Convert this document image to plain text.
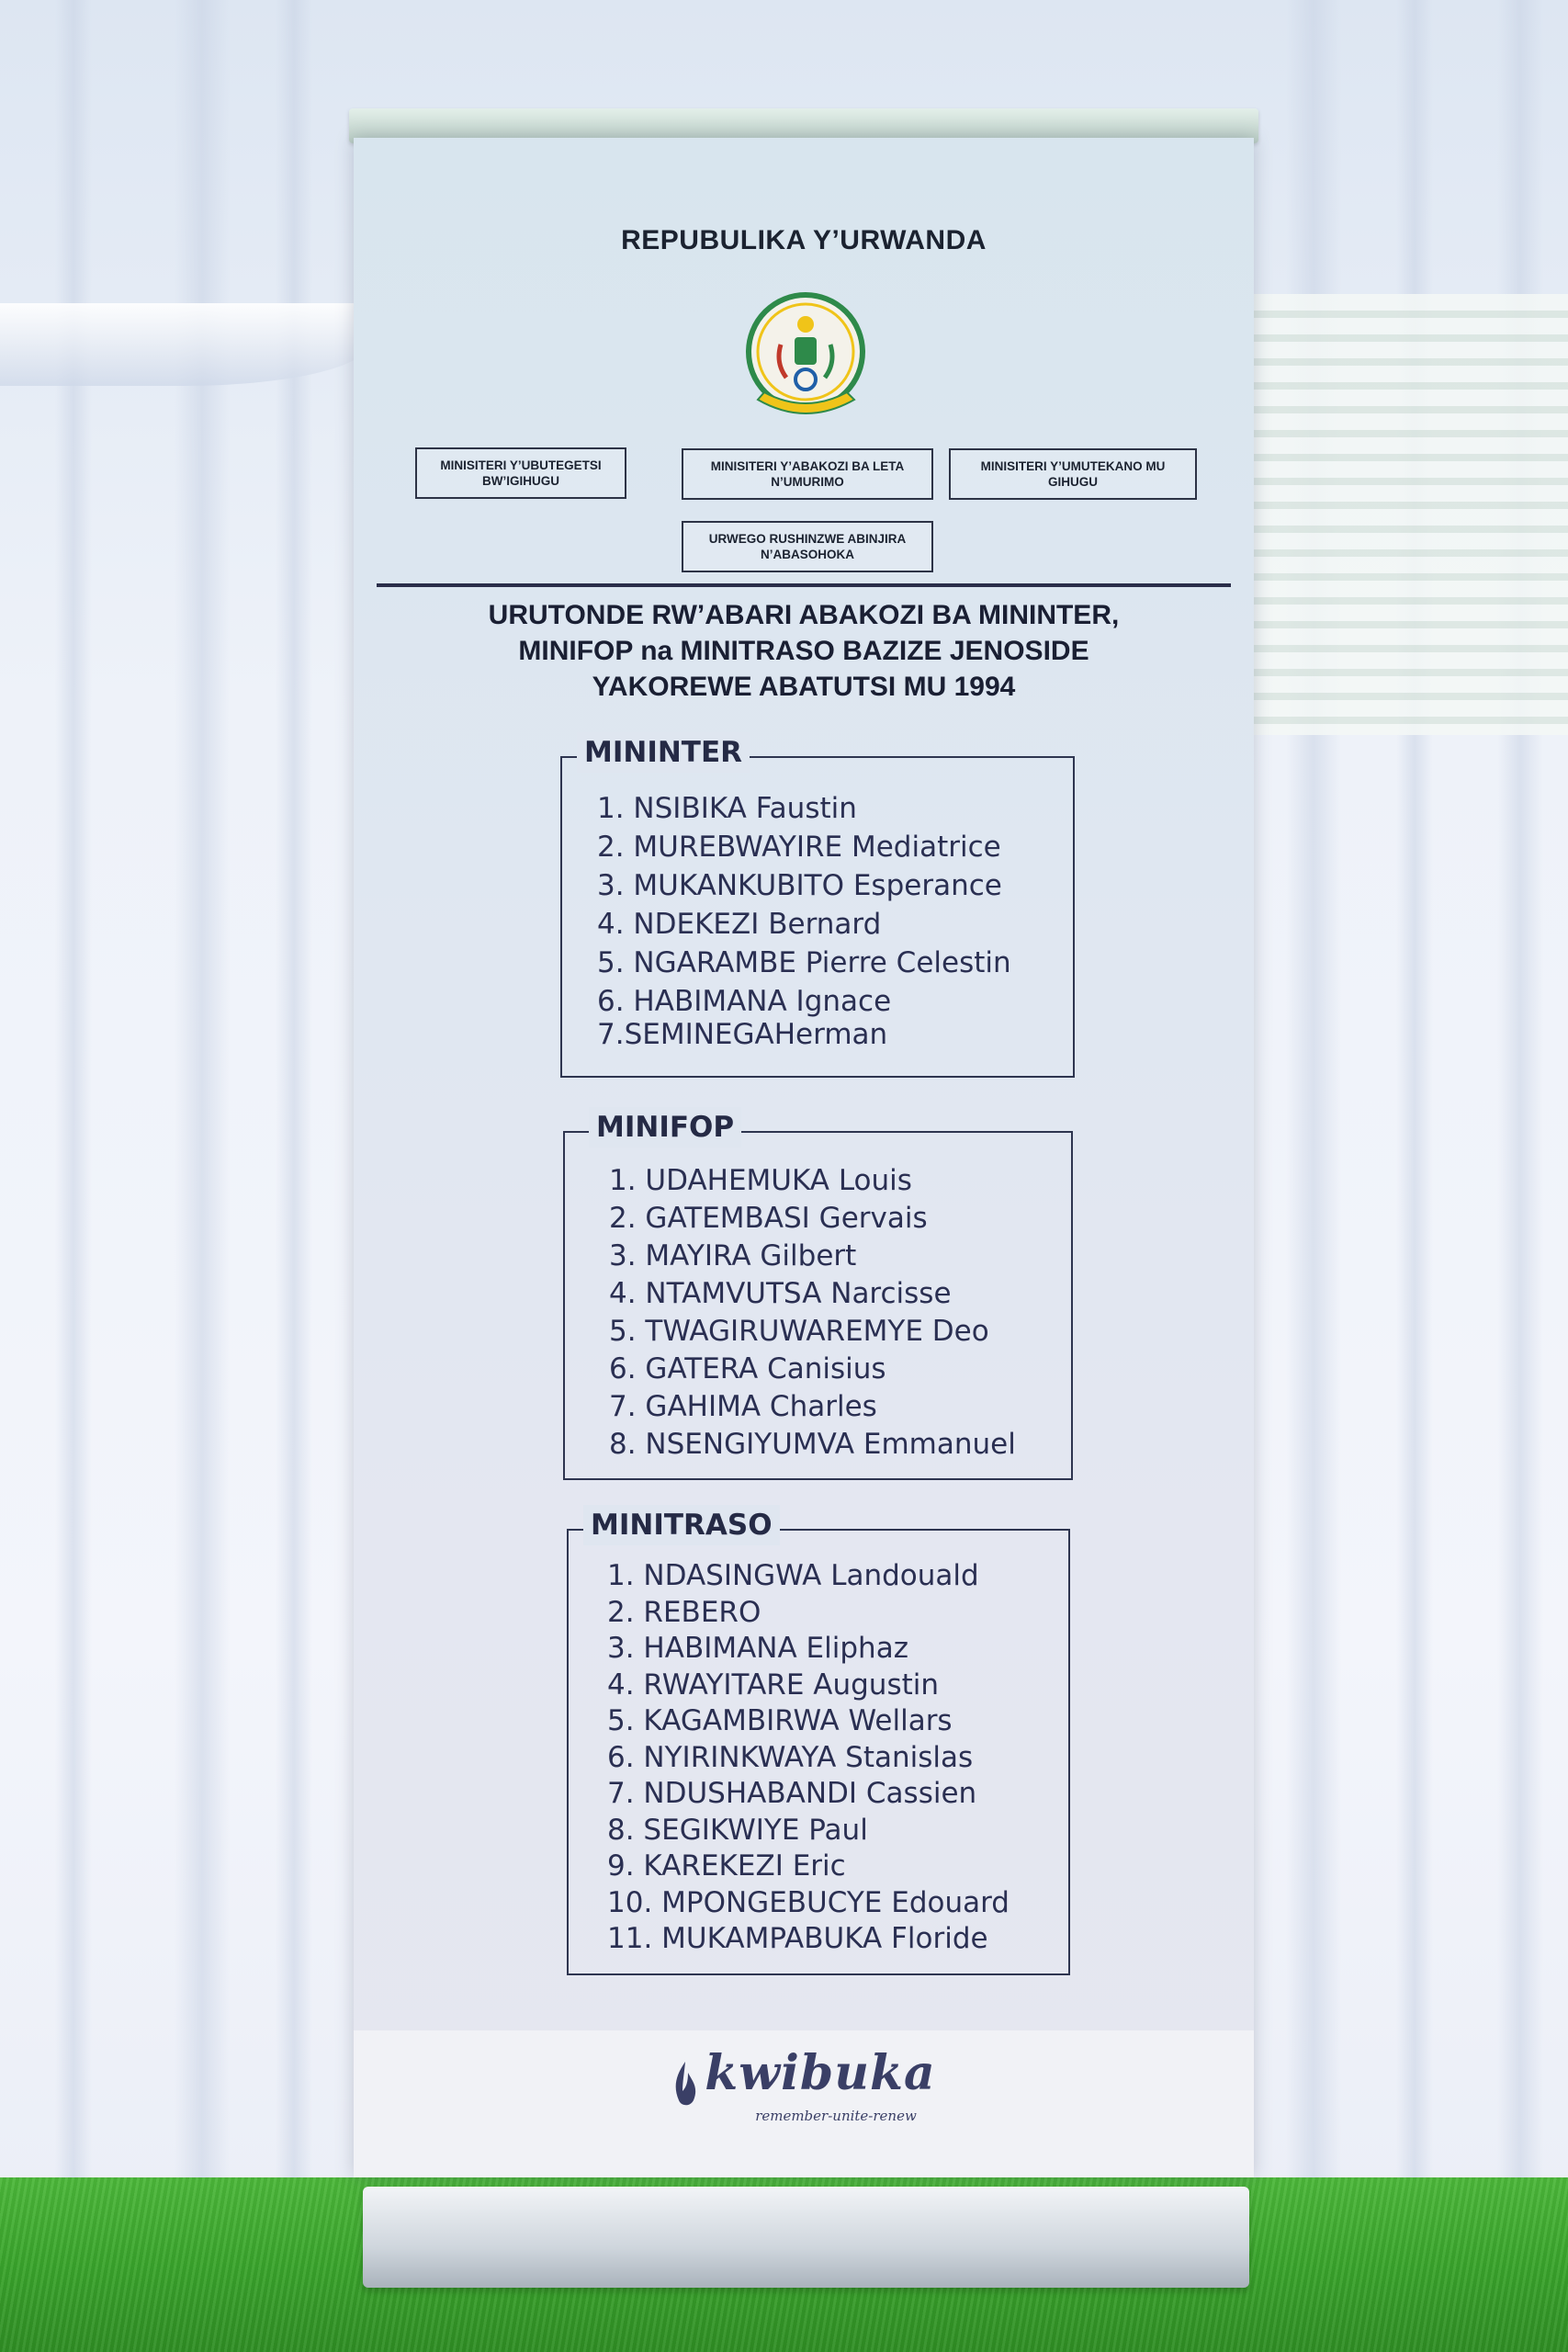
REPUBULIKA Y’URWANDA
MINISITERI Y’UBUTEGETSI BW’IGIHUGU
MINISITERI Y’ABAKOZI BA LETA N’UMURIMO
MINISITERI Y’UMUTEKANO MU GIHUGU
URWEGO RUSHINZWE ABINJIRA N’ABASOHOKA
URUTONDE RW’ABARI ABAKOZI BA MININTER,
MINIFOP na MINITRASO BAZIZE JENOSIDE
YAKOREWE ABATUTSI MU 1994
MININTER
1. NSIBIKA Faustin
2. MUREBWAYIRE Mediatrice
3. MUKANKUBITO Esperance
4. NDEKEZI Bernard
5. NGARAMBE Pierre Celestin
6. HABIMANA Ignace
7.SEMINEGAHerman
MINIFOP
1. UDAHEMUKA Louis
2. GATEMBASI Gervais
3. MAYIRA Gilbert
4. NTAMVUTSA Narcisse
5. TWAGIRUWAREMYE Deo
6. GATERA Canisius
7. GAHIMA Charles
8. NSENGIYUMVA Emmanuel
MINITRASO
1. NDASINGWA Landouald
2. REBERO
3. HABIMANA Eliphaz
4. RWAYITARE Augustin
5. KAGAMBIRWA Wellars
6. NYIRINKWAYA Stanislas
7. NDUSHABANDI Cassien
8. SEGIKWIYE Paul
9. KAREKEZI Eric
10. MPONGEBUCYE Edouard
11. MUKAMPABUKA Floride
kwibuka
remember-unite-renew
